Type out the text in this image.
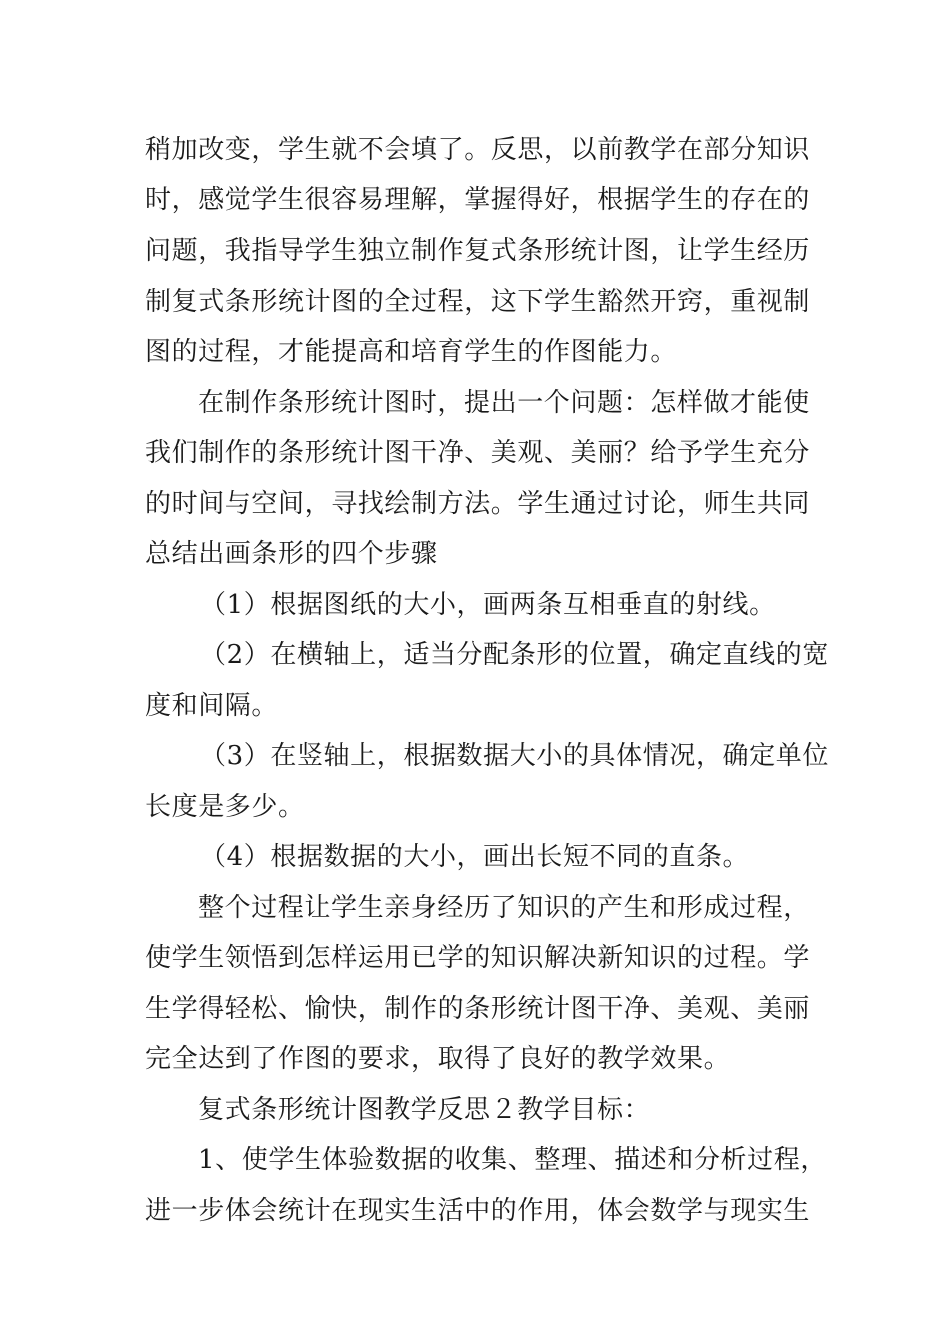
稍加改变，学生就不会填了。反思，以前教学在部分知识
时，感觉学生很容易理解，掌握得好，根据学生的存在的
问题，我指导学生独立制作复式条形统计图，让学生经历
制复式条形统计图的全过程，这下学生豁然开窍，重视制
图的过程，才能提高和培育学生的作图能力。
在制作条形统计图时，提出一个问题：怎样做才能使
我们制作的条形统计图干净、美观、美丽？给予学生充分
的时间与空间，寻找绘制方法。学生通过讨论，师生共同
总结出画条形的四个步骤
（1）根据图纸的大小，画两条互相垂直的射线。
（2）在横轴上，适当分配条形的位置，确定直线的宽
度和间隔。
（3）在竖轴上，根据数据大小的具体情况，确定单位
长度是多少。
（4）根据数据的大小，画出长短不同的直条。
整个过程让学生亲身经历了知识的产生和形成过程，
使学生领悟到怎样运用已学的知识解决新知识的过程。学
生学得轻松、愉快，制作的条形统计图干净、美观、美丽
完全达到了作图的要求，取得了良好的教学效果。
复式条形统计图教学反思２教学目标：
1、使学生体验数据的收集、整理、描述和分析过程，
进一步体会统计在现实生活中的作用，体会数学与现实生
